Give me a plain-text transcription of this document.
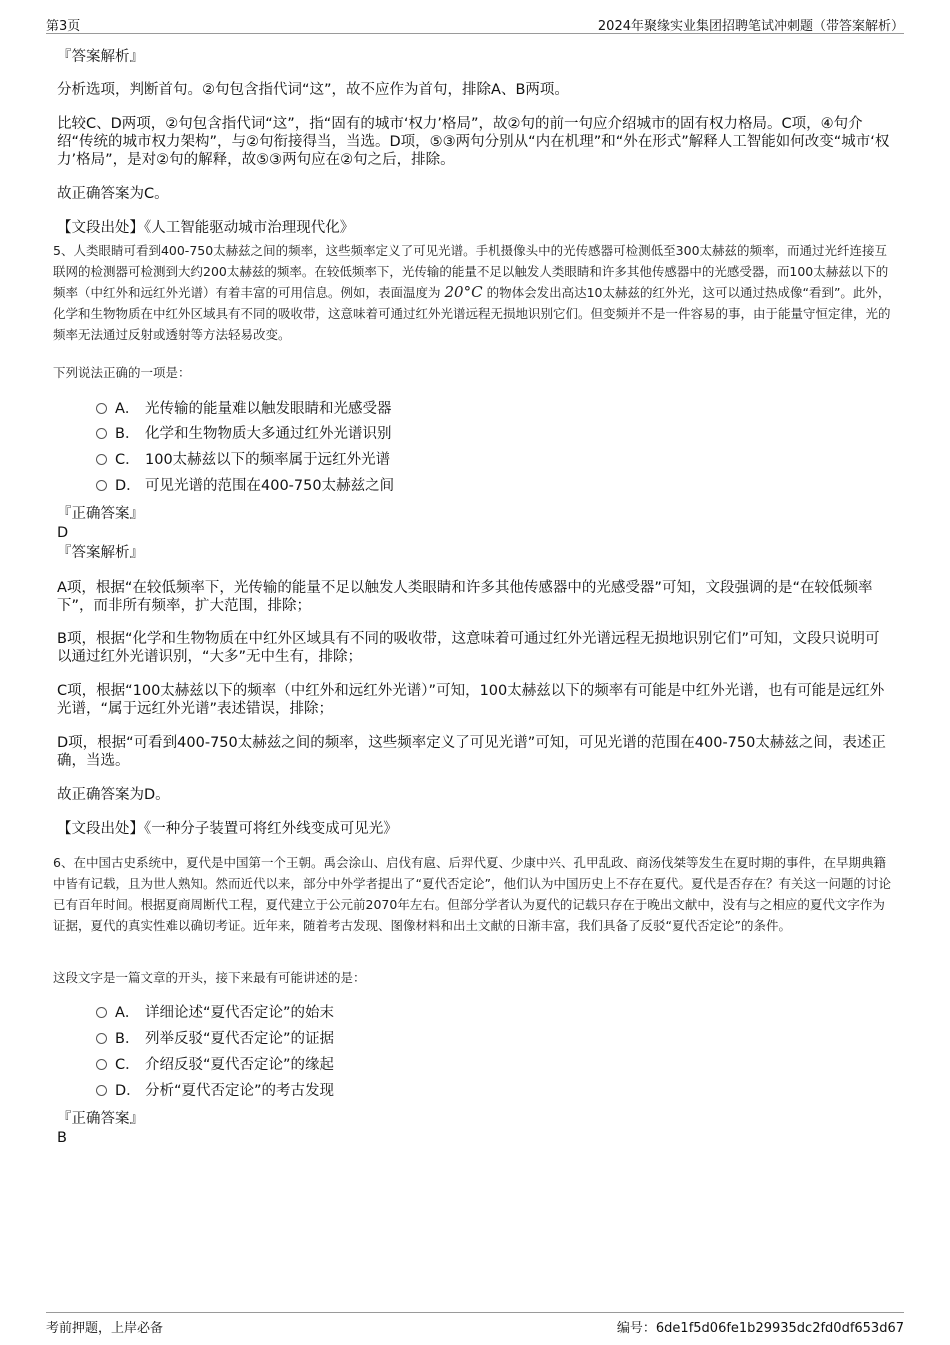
第3页	2024年聚缘实业集团招聘笔试冲刺题（带答案解析）

『答案解析』

分析选项，判断首句。②句包含指代词“这”，故不应作为首句，排除A、B两项。

比较C、D两项，②句包含指代词“这”，指“固有的城市‘权力’格局”，故②句的前一句应介绍城市的固有权力格局。C项，④句介绍“传统的城市权力架构”，与②句衔接得当，当选。D项，⑤③两句分别从“内在机理”和“外在形式”解释人工智能如何改变“城市‘权力’格局”，是对②句的解释，故⑤③两句应在②句之后，排除。

故正确答案为C。

【文段出处】《人工智能驱动城市治理现代化》

5、人类眼睛可看到400-750太赫兹之间的频率，这些频率定义了可见光谱。手机摄像头中的光传感器可检测低至300太赫兹的频率，而通过光纤连接互联网的检测器可检测到大约200太赫兹的频率。在较低频率下，光传输的能量不足以触发人类眼睛和许多其他传感器中的光感受器，而100太赫兹以下的频率（中红外和远红外光谱）有着丰富的可用信息。例如，表面温度为 20°C 的物体会发出高达10太赫兹的红外光，这可以通过热成像“看到”。此外，化学和生物物质在中红外区域具有不同的吸收带，这意味着可通过红外光谱远程无损地识别它们。但变频并不是一件容易的事，由于能量守恒定律，光的频率无法通过反射或透射等方法轻易改变。

下列说法正确的一项是：

A． 光传输的能量难以触发眼睛和光感受器
B． 化学和生物物质大多通过红外光谱识别
C． 100太赫兹以下的频率属于远红外光谱
D． 可见光谱的范围在400-750太赫兹之间

『正确答案』

D

『答案解析』

A项，根据“在较低频率下，光传输的能量不足以触发人类眼睛和许多其他传感器中的光感受器”可知，文段强调的是“在较低频率下”，而非所有频率，扩大范围，排除；

B项，根据“化学和生物物质在中红外区域具有不同的吸收带，这意味着可通过红外光谱远程无损地识别它们”可知，文段只说明可以通过红外光谱识别，“大多”无中生有，排除；

C项，根据“100太赫兹以下的频率（中红外和远红外光谱）”可知，100太赫兹以下的频率有可能是中红外光谱，也有可能是远红外光谱，“属于远红外光谱”表述错误，排除；

D项，根据“可看到400-750太赫兹之间的频率，这些频率定义了可见光谱”可知，可见光谱的范围在400-750太赫兹之间，表述正确，当选。

故正确答案为D。

【文段出处】《一种分子装置可将红外线变成可见光》

6、在中国古史系统中，夏代是中国第一个王朝。禹会涂山、启伐有扈、后羿代夏、少康中兴、孔甲乱政、商汤伐桀等发生在夏时期的事件，在早期典籍中皆有记载，且为世人熟知。然而近代以来，部分中外学者提出了“夏代否定论”，他们认为中国历史上不存在夏代。夏代是否存在？有关这一问题的讨论已有百年时间。根据夏商周断代工程，夏代建立于公元前2070年左右。但部分学者认为夏代的记载只存在于晚出文献中，没有与之相应的夏代文字作为证据，夏代的真实性难以确切考证。近年来，随着考古发现、图像材料和出土文献的日渐丰富，我们具备了反驳“夏代否定论”的条件。

这段文字是一篇文章的开头，接下来最有可能讲述的是：

A． 详细论述“夏代否定论”的始末
B． 列举反驳“夏代否定论”的证据
C． 介绍反驳“夏代否定论”的缘起
D． 分析“夏代否定论”的考古发现

『正确答案』

B

考前押题，上岸必备	编号：6de1f5d06fe1b29935dc2fd0df653d67
